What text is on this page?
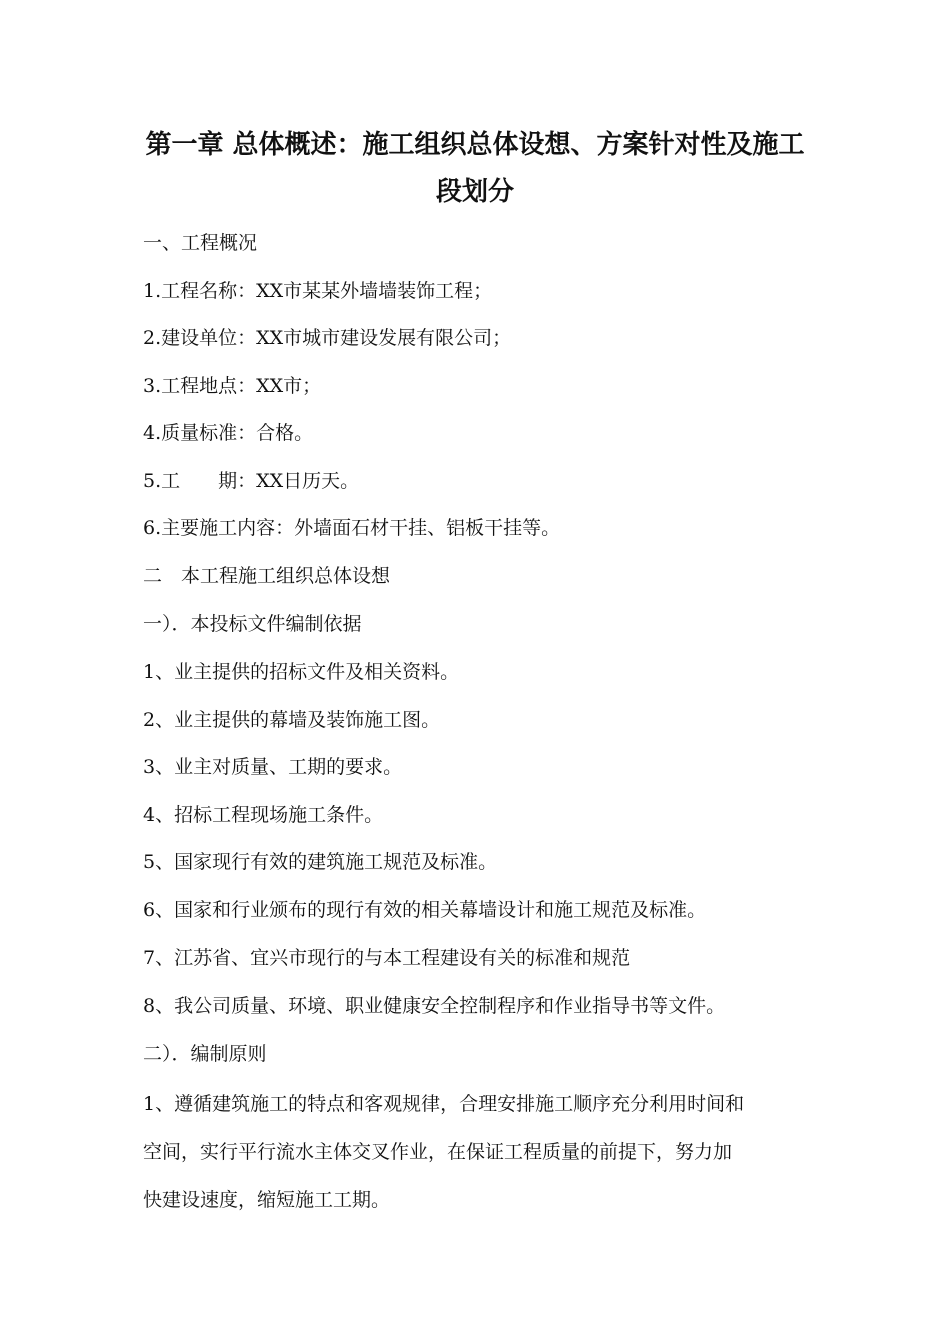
第一章 总体概述：施工组织总体设想、方案针对性及施工
段划分
一、工程概况
1.工程名称：XX市某某外墙墙装饰工程；
2.建设单位：XX市城市建设发展有限公司；
3.工程地点：XX市；
4.质量标准：合格。
5.工　　期：XX日历天。
6.主要施工内容：外墙面石材干挂、铝板干挂等。
二　本工程施工组织总体设想
一）．本投标文件编制依据
1、业主提供的招标文件及相关资料。
2、业主提供的幕墙及装饰施工图。
3、业主对质量、工期的要求。
4、招标工程现场施工条件。
5、国家现行有效的建筑施工规范及标准。
6、国家和行业颁布的现行有效的相关幕墙设计和施工规范及标准。
7、江苏省、宜兴市现行的与本工程建设有关的标准和规范
8、我公司质量、环境、职业健康安全控制程序和作业指导书等文件。
二）．编制原则
1、遵循建筑施工的特点和客观规律，合理安排施工顺序充分利用时间和
空间，实行平行流水主体交叉作业，在保证工程质量的前提下，努力加
快建设速度，缩短施工工期。
